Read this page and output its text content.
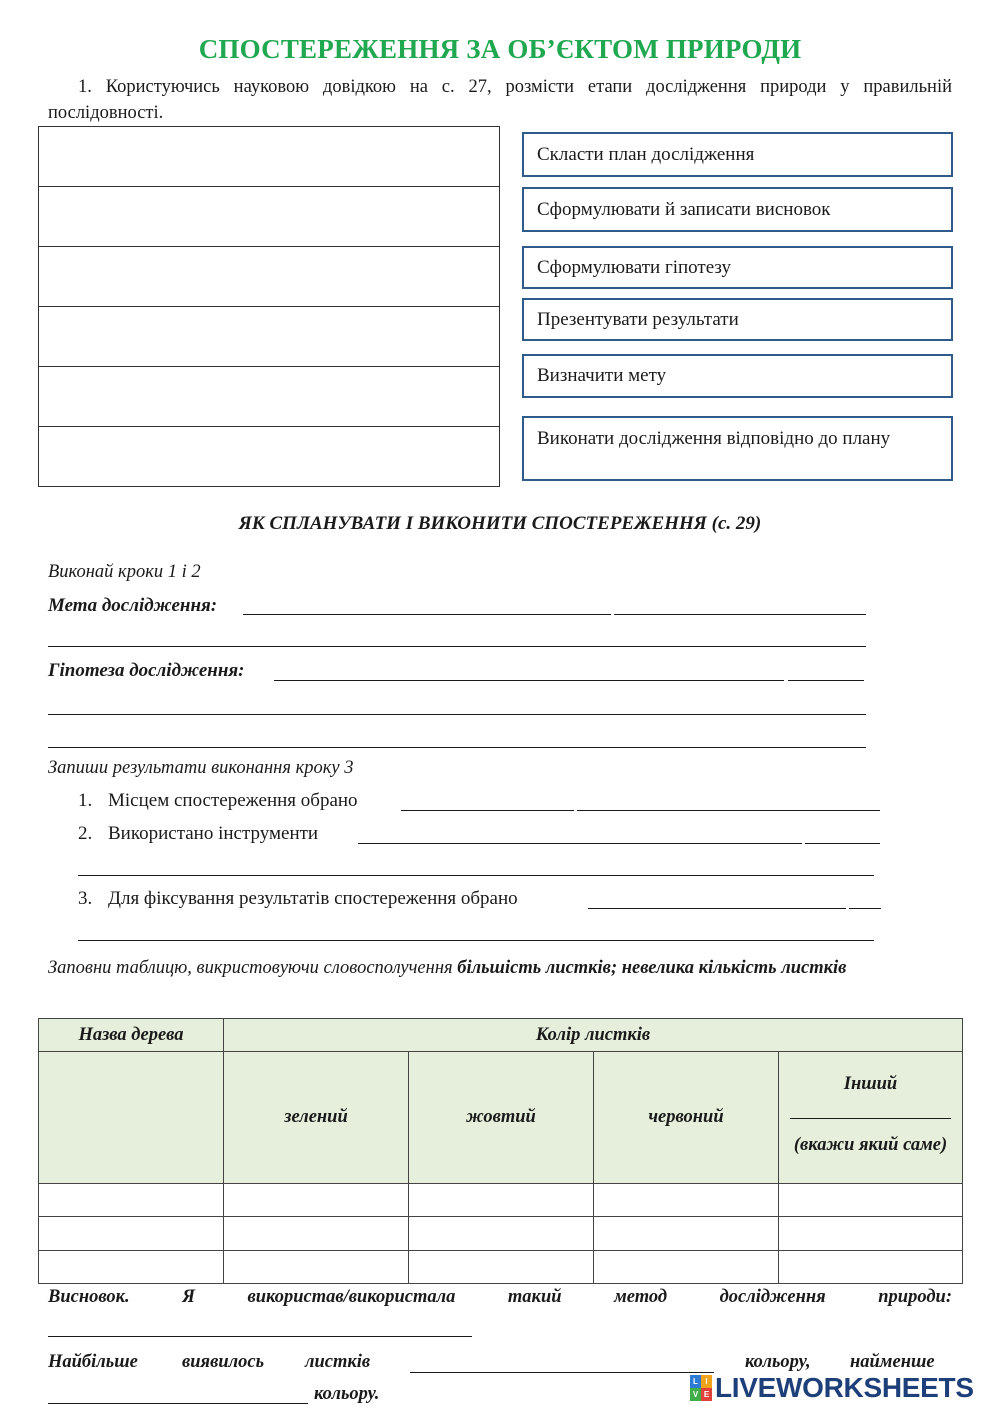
СПОСТЕРЕЖЕННЯ ЗА ОБ’ЄКТОМ ПРИРОДИ
1. Користуючись науковою довідкою на с. 27, розмісти етапи дослідження природи у правильній послідовності.
Скласти план дослідження
Сформулювати й записати висновок
Сформулювати гіпотезу
Презентувати результати
Визначити мету
Виконати дослідження відповідно до плану
ЯК СПЛАНУВАТИ І ВИКОНИТИ СПОСТЕРЕЖЕННЯ (с. 29)
Виконай кроки 1 і 2
Мета дослідження:
Гіпотеза дослідження:
Запиши результати виконання кроку 3
1. Місцем спостереження обрано
2. Використано інструменти
3. Для фіксування результатів спостереження обрано
Заповни таблицю, викристовуючи словосполучення більшість листків; невелика кількість листків
Назва дерева	Колір листків			
	зелений	жовтий	червоний	Інший
(вкажи який саме)

Висновок.	Я	використав/використала	такий	метод	дослідження	природи:
Найбільше виявилось листків	кольору, найменше
кольору.
L I
V E LIVEWORKSHEETS
